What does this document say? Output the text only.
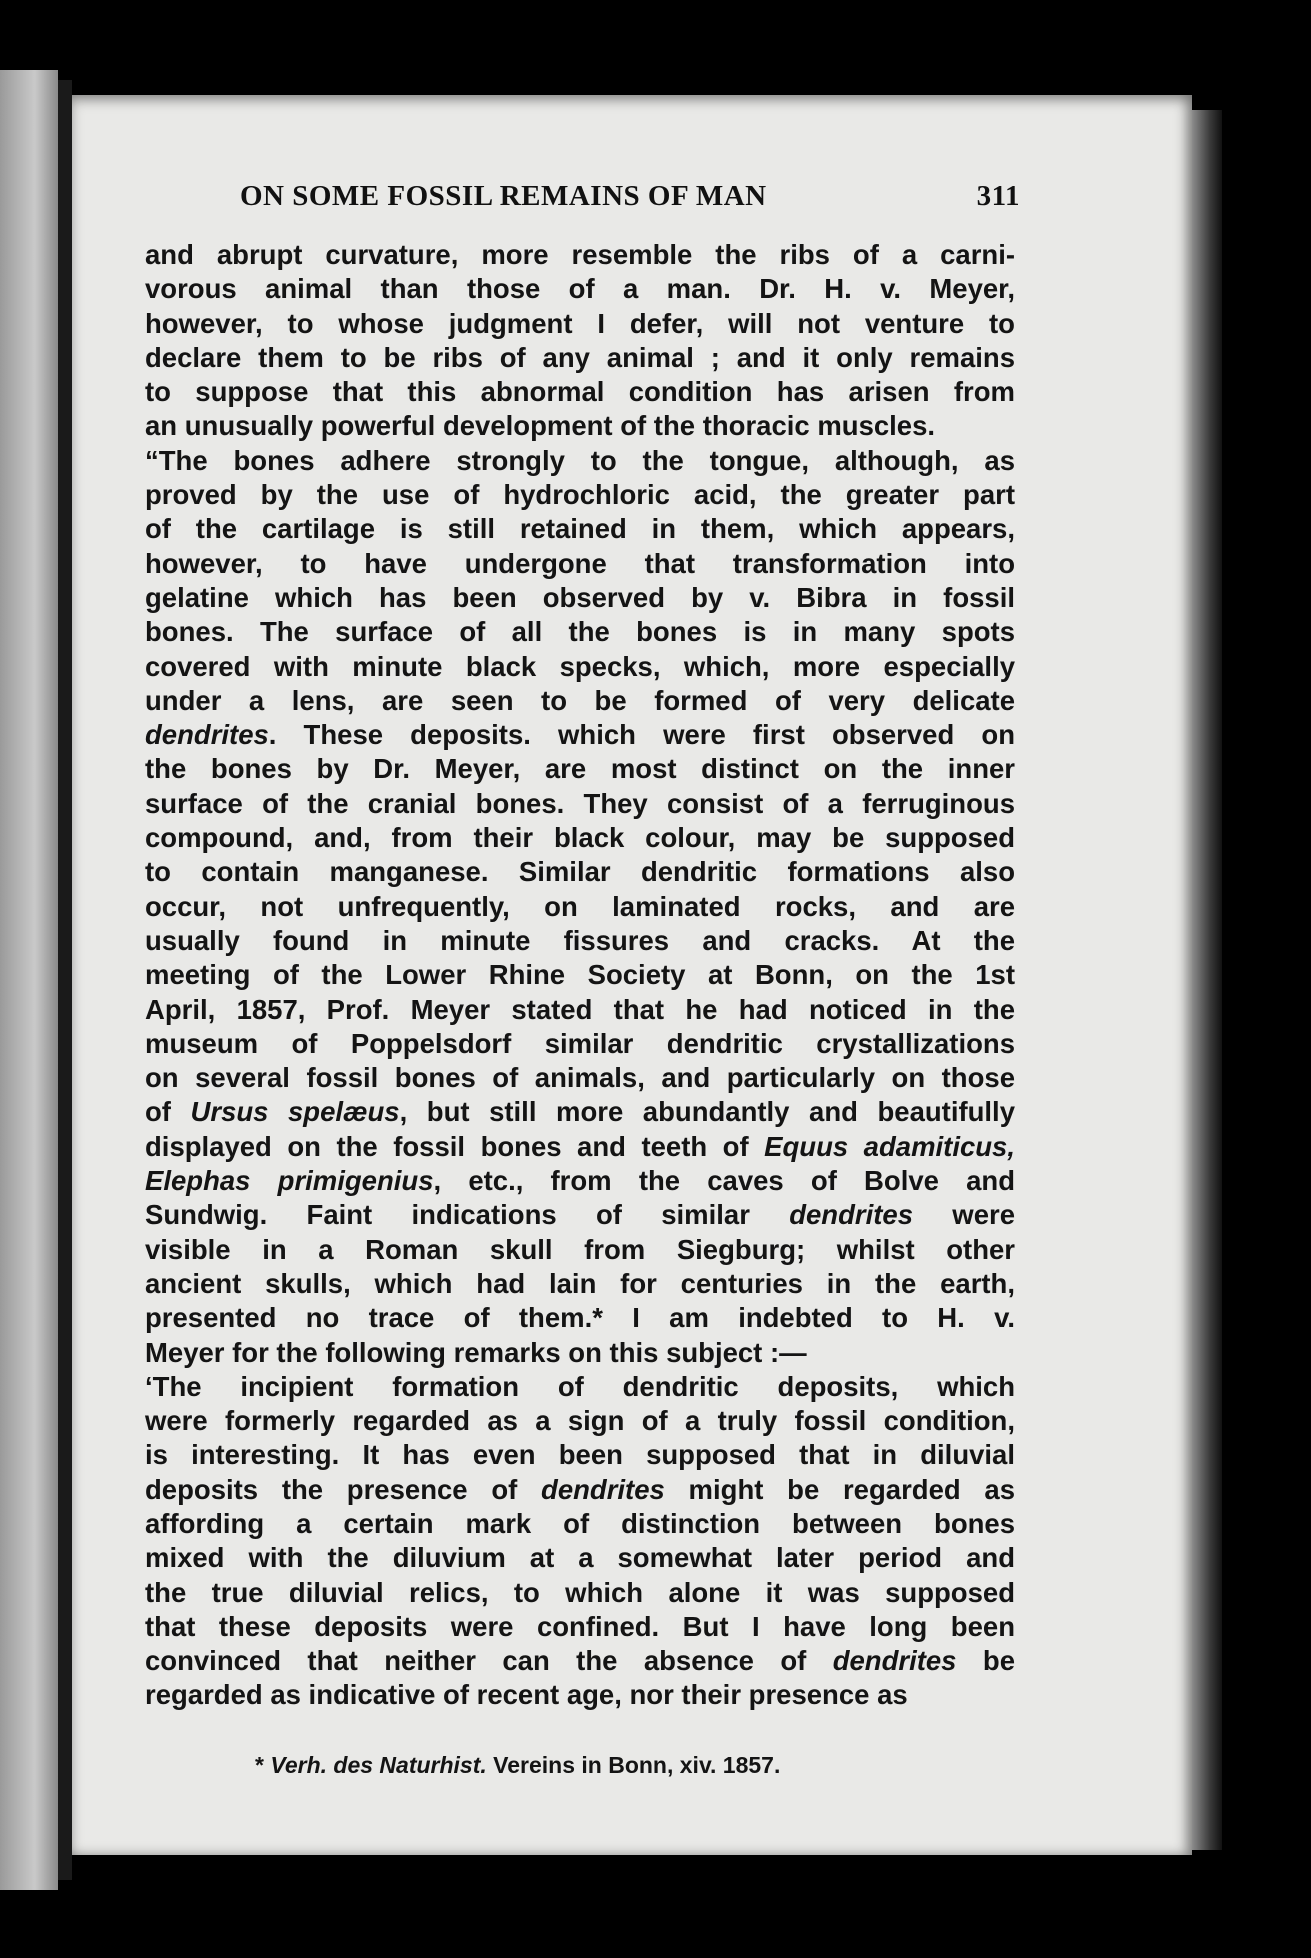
ON SOME FOSSIL REMAINS OF MAN	311
and abrupt curvature, more resemble the ribs of a carni-
vorous animal than those of a man. Dr. H. v. Meyer,
however, to whose judgment I defer, will not venture to
declare them to be ribs of any animal ; and it only remains
to suppose that this abnormal condition has arisen from
an unusually powerful development of the thoracic muscles.
“The bones adhere strongly to the tongue, although, as
proved by the use of hydrochloric acid, the greater part
of the cartilage is still retained in them, which appears,
however, to have undergone that transformation into
gelatine which has been observed by v. Bibra in fossil
bones. The surface of all the bones is in many spots
covered with minute black specks, which, more especially
under a lens, are seen to be formed of very delicate
dendrites. These deposits. which were first observed on
the bones by Dr. Meyer, are most distinct on the inner
surface of the cranial bones. They consist of a ferruginous
compound, and, from their black colour, may be supposed
to contain manganese. Similar dendritic formations also
occur, not unfrequently, on laminated rocks, and are
usually found in minute fissures and cracks. At the
meeting of the Lower Rhine Society at Bonn, on the 1st
April, 1857, Prof. Meyer stated that he had noticed in the
museum of Poppelsdorf similar dendritic crystallizations
on several fossil bones of animals, and particularly on those
of Ursus spelæus, but still more abundantly and beautifully
displayed on the fossil bones and teeth of Equus adamiticus,
Elephas primigenius, etc., from the caves of Bolve and
Sundwig. Faint indications of similar dendrites were
visible in a Roman skull from Siegburg; whilst other
ancient skulls, which had lain for centuries in the earth,
presented no trace of them.* I am indebted to H. v.
Meyer for the following remarks on this subject :—
‘The incipient formation of dendritic deposits, which
were formerly regarded as a sign of a truly fossil condition,
is interesting. It has even been supposed that in diluvial
deposits the presence of dendrites might be regarded as
affording a certain mark of distinction between bones
mixed with the diluvium at a somewhat later period and
the true diluvial relics, to which alone it was supposed
that these deposits were confined. But I have long been
convinced that neither can the absence of dendrites be
regarded as indicative of recent age, nor their presence as
* Verh. des Naturhist. Vereins in Bonn, xiv. 1857.
